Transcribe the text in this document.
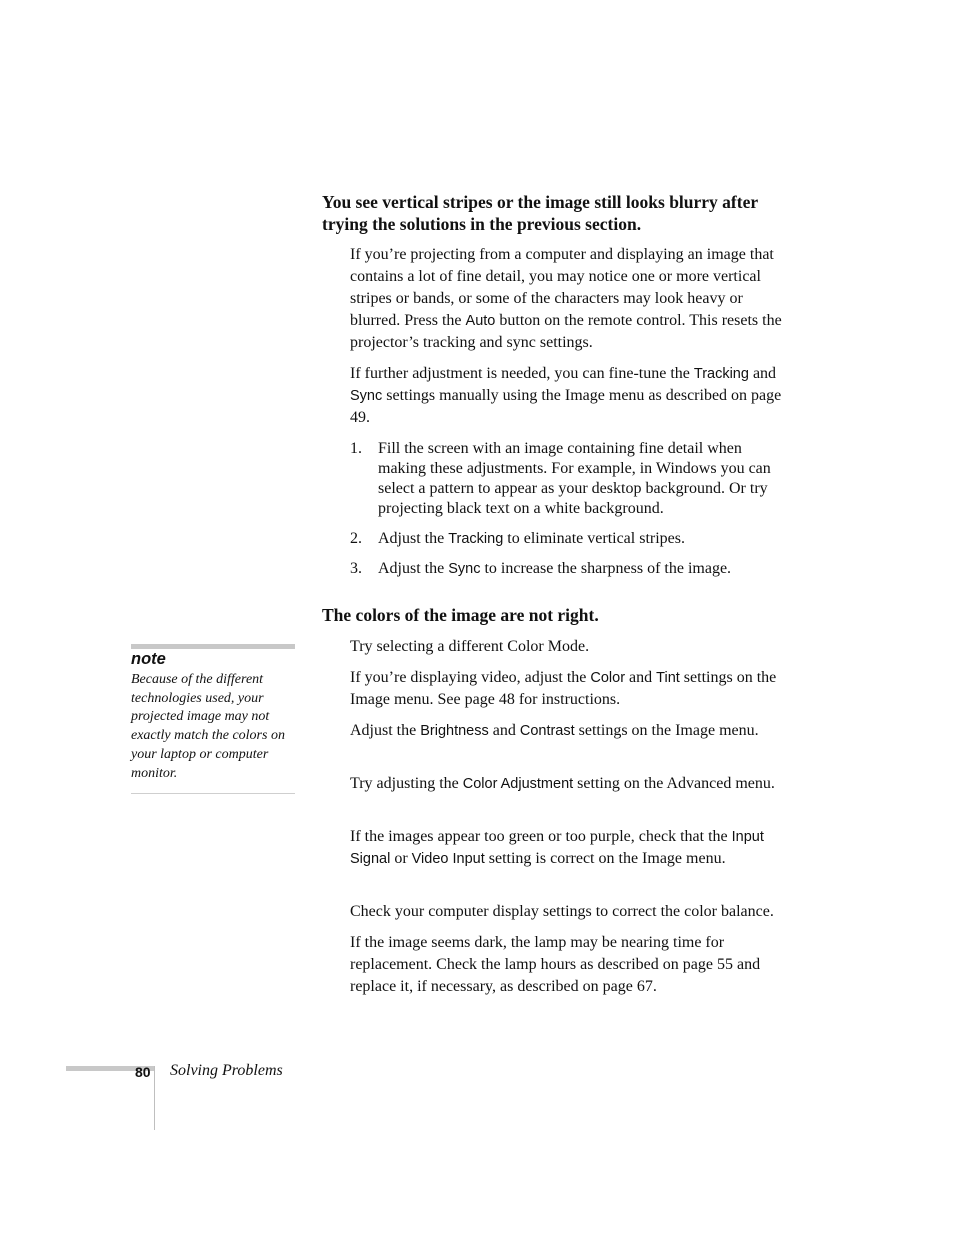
You see vertical stripes or the image still looks blurry after trying the solutions in the previous section.

If you’re projecting from a computer and displaying an image that contains a lot of fine detail, you may notice one or more vertical stripes or bands, or some of the characters may look heavy or blurred. Press the Auto button on the remote control. This resets the projector’s tracking and sync settings.

If further adjustment is needed, you can fine-tune the Tracking and Sync settings manually using the Image menu as described on page 49.

1. Fill the screen with an image containing fine detail when making these adjustments. For example, in Windows you can select a pattern to appear as your desktop background. Or try projecting black text on a white background.
2. Adjust the Tracking to eliminate vertical stripes.
3. Adjust the Sync to increase the sharpness of the image.
The colors of the image are not right.

Try selecting a different Color Mode.

If you’re displaying video, adjust the Color and Tint settings on the Image menu. See page 48 for instructions.

Adjust the Brightness and Contrast settings on the Image menu.

Try adjusting the Color Adjustment setting on the Advanced menu.

If the images appear too green or too purple, check that the Input Signal or Video Input setting is correct on the Image menu.

Check your computer display settings to correct the color balance.

If the image seems dark, the lamp may be nearing time for replacement. Check the lamp hours as described on page 55 and replace it, if necessary, as described on page 67.

note

Because of the different technologies used, your projected image may not exactly match the colors on your laptop or computer monitor.

80 Solving Problems
